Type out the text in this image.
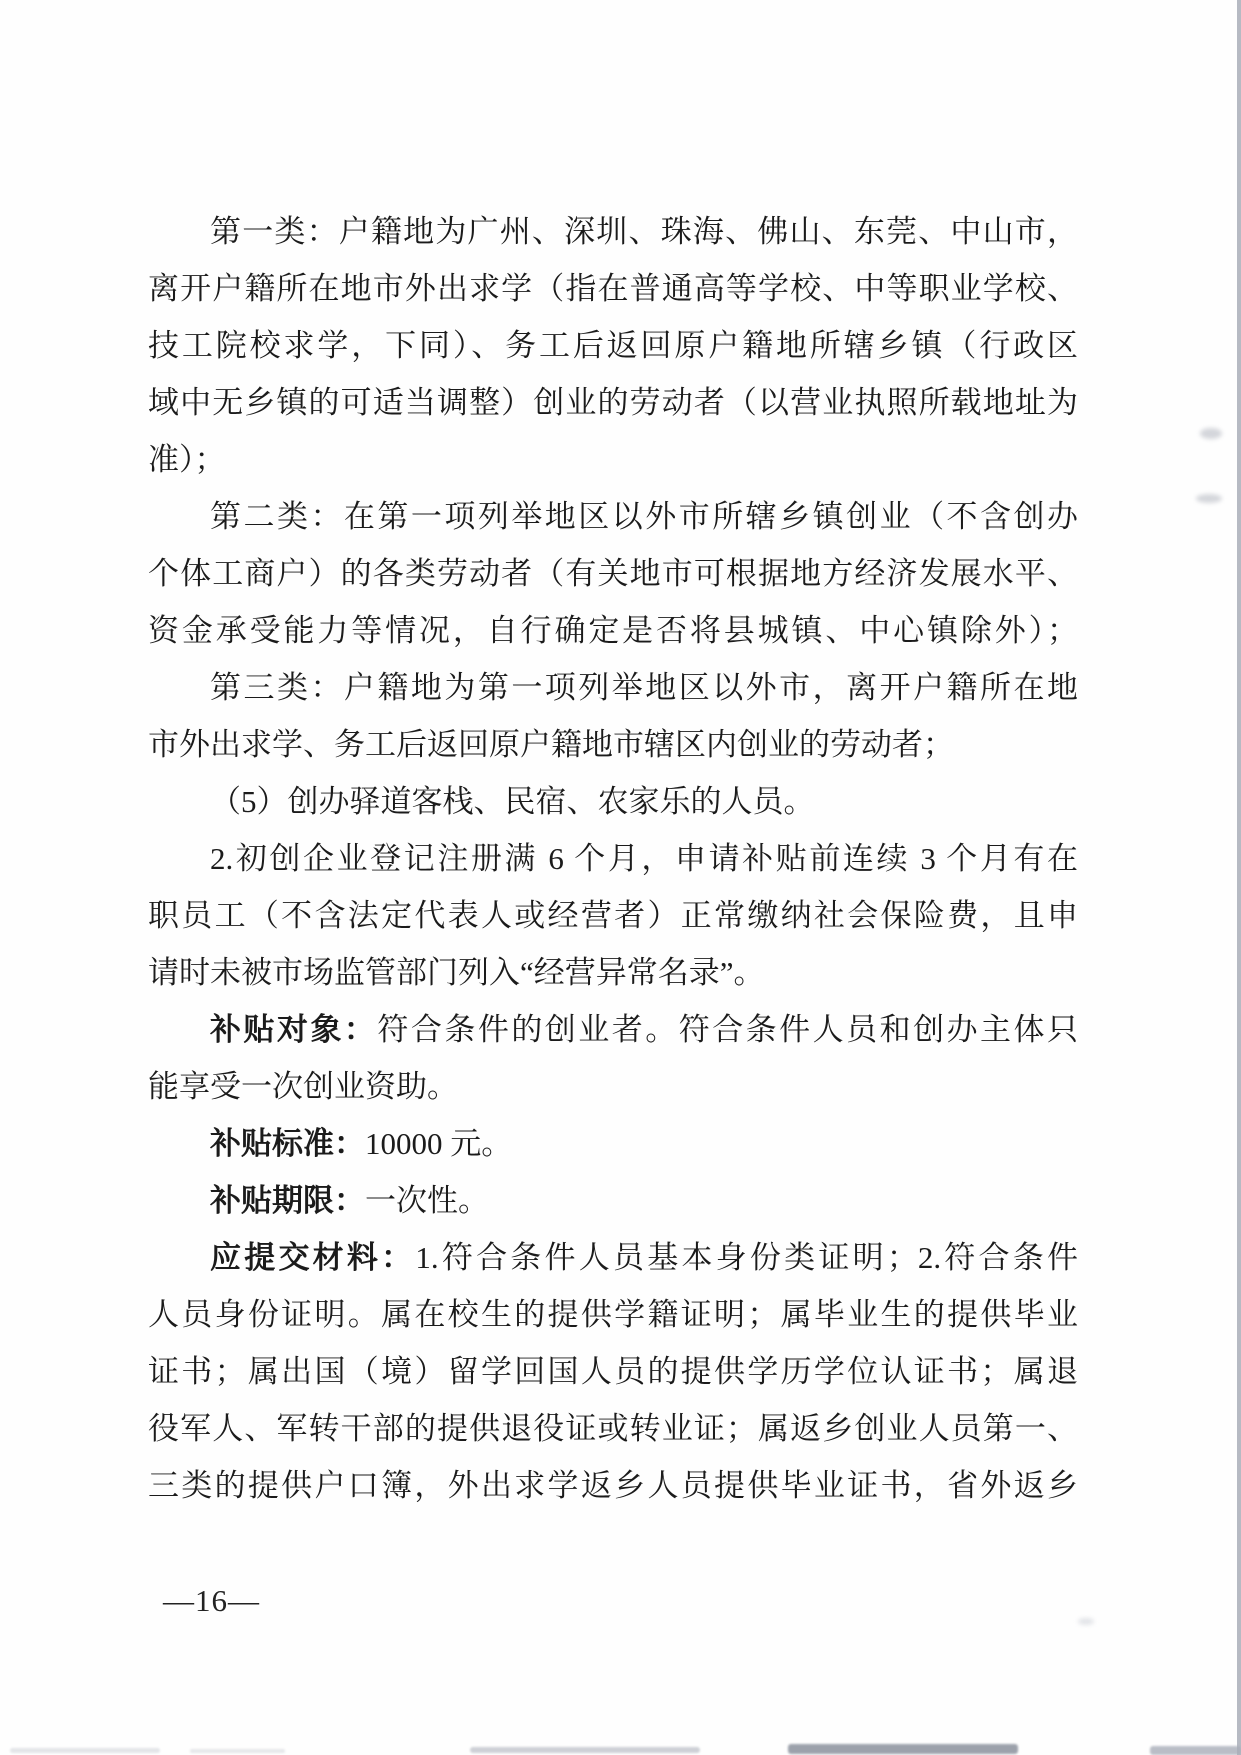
第一类：户籍地为广州、深圳、珠海、佛山、东莞、中山市，
离开户籍所在地市外出求学（指在普通高等学校、中等职业学校、
技工院校求学，下同）、务工后返回原户籍地所辖乡镇（行政区
域中无乡镇的可适当调整）创业的劳动者（以营业执照所载地址为
准）；
第二类：在第一项列举地区以外市所辖乡镇创业（不含创办
个体工商户）的各类劳动者（有关地市可根据地方经济发展水平、
资金承受能力等情况，自行确定是否将县城镇、中心镇除外）；
第三类：户籍地为第一项列举地区以外市，离开户籍所在地
市外出求学、务工后返回原户籍地市辖区内创业的劳动者；
（5）创办驿道客栈、民宿、农家乐的人员。
2.初创企业登记注册满 6 个月，申请补贴前连续 3 个月有在
职员工（不含法定代表人或经营者）正常缴纳社会保险费，且申
请时未被市场监管部门列入“经营异常名录”。
补贴对象：符合条件的创业者。符合条件人员和创办主体只
能享受一次创业资助。
补贴标准：10000 元。
补贴期限：一次性。
应提交材料：1.符合条件人员基本身份类证明；2.符合条件
人员身份证明。属在校生的提供学籍证明；属毕业生的提供毕业
证书；属出国（境）留学回国人员的提供学历学位认证书；属退
役军人、军转干部的提供退役证或转业证；属返乡创业人员第一、
三类的提供户口簿，外出求学返乡人员提供毕业证书，省外返乡
—16—
